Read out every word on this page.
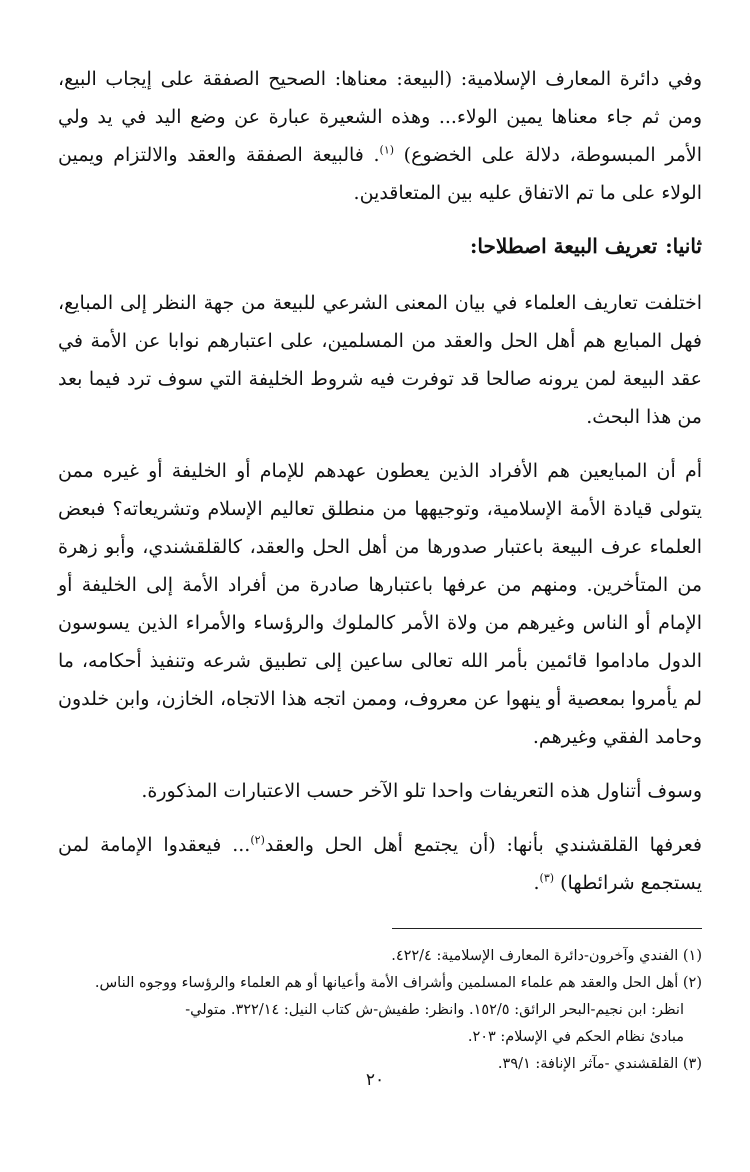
وفي دائرة المعارف الإسلامية: (البيعة: معناها: الصحيح الصفقة على إيجاب البيع، ومن ثم جاء معناها يمين الولاء... وهذه الشعيرة عبارة عن وضع اليد في يد ولي الأمر المبسوطة، دلالة على الخضوع) $^{(١)}$. فالبيعة الصفقة والعقد والالتزام ويمين الولاء على ما تم الاتفاق عليه بين المتعاقدين.

ثانيا:تعريف البيعة اصطلاحا:

اختلفت تعاريف العلماء في بيان المعنى الشرعي للبيعة من جهة النظر إلى المبايع، فهل المبايع هم أهل الحل والعقد من المسلمين، على اعتبارهم نوابا عن الأمة في عقد البيعة لمن يرونه صالحا قد توفرت فيه شروط الخليفة التي سوف ترد فيما بعد من هذا البحث.

أم أن المبايعين هم الأفراد الذين يعطون عهدهم للإمام أو الخليفة أو غيره ممن يتولى قيادة الأمة الإسلامية، وتوجيهها من منطلق تعاليم الإسلام وتشريعاته؟ فبعض العلماء عرف البيعة باعتبار صدورها من أهل الحل والعقد، كالقلقشندي، وأبو زهرة من المتأخرين. ومنهم من عرفها باعتبارها صادرة من أفراد الأمة إلى الخليفة أو الإمام أو الناس وغيرهم من ولاة الأمر كالملوك والرؤساء والأمراء الذين يسوسون الدول ماداموا قائمين بأمر الله تعالى ساعين إلى تطبيق شرعه وتنفيذ أحكامه، ما لم يأمروا بمعصية أو ينهوا عن معروف، وممن اتجه هذا الاتجاه، الخازن، وابن خلدون وحامد الفقي وغيرهم.

وسوف أتناول هذه التعريفات واحدا تلو الآخر حسب الاعتبارات المذكورة.

فعرفها القلقشندي بأنها: (أن يجتمع أهل الحل والعقد$^{(٢)}$... فيعقدوا الإمامة لمن يستجمع شرائطها) $^{(٣)}$.

(١) الفندي وآخرون-دائرة المعارف الإسلامية: ٤٢٢/٤.

(٢) أهل الحل والعقد هم علماء المسلمين وأشراف الأمة وأعيانها أو هم العلماء والرؤساء ووجوه الناس.

انظر: ابن نجيم-البحر الرائق: ١٥٢/٥. وانظر: طفيش-ش كتاب النيل: ٣٢٢/١٤. متولي-

مبادئ نظام الحكم في الإسلام: ٢٠٣.

(٣) القلقشندي -مآثر الإنافة: ٣٩/١.

٢٠
